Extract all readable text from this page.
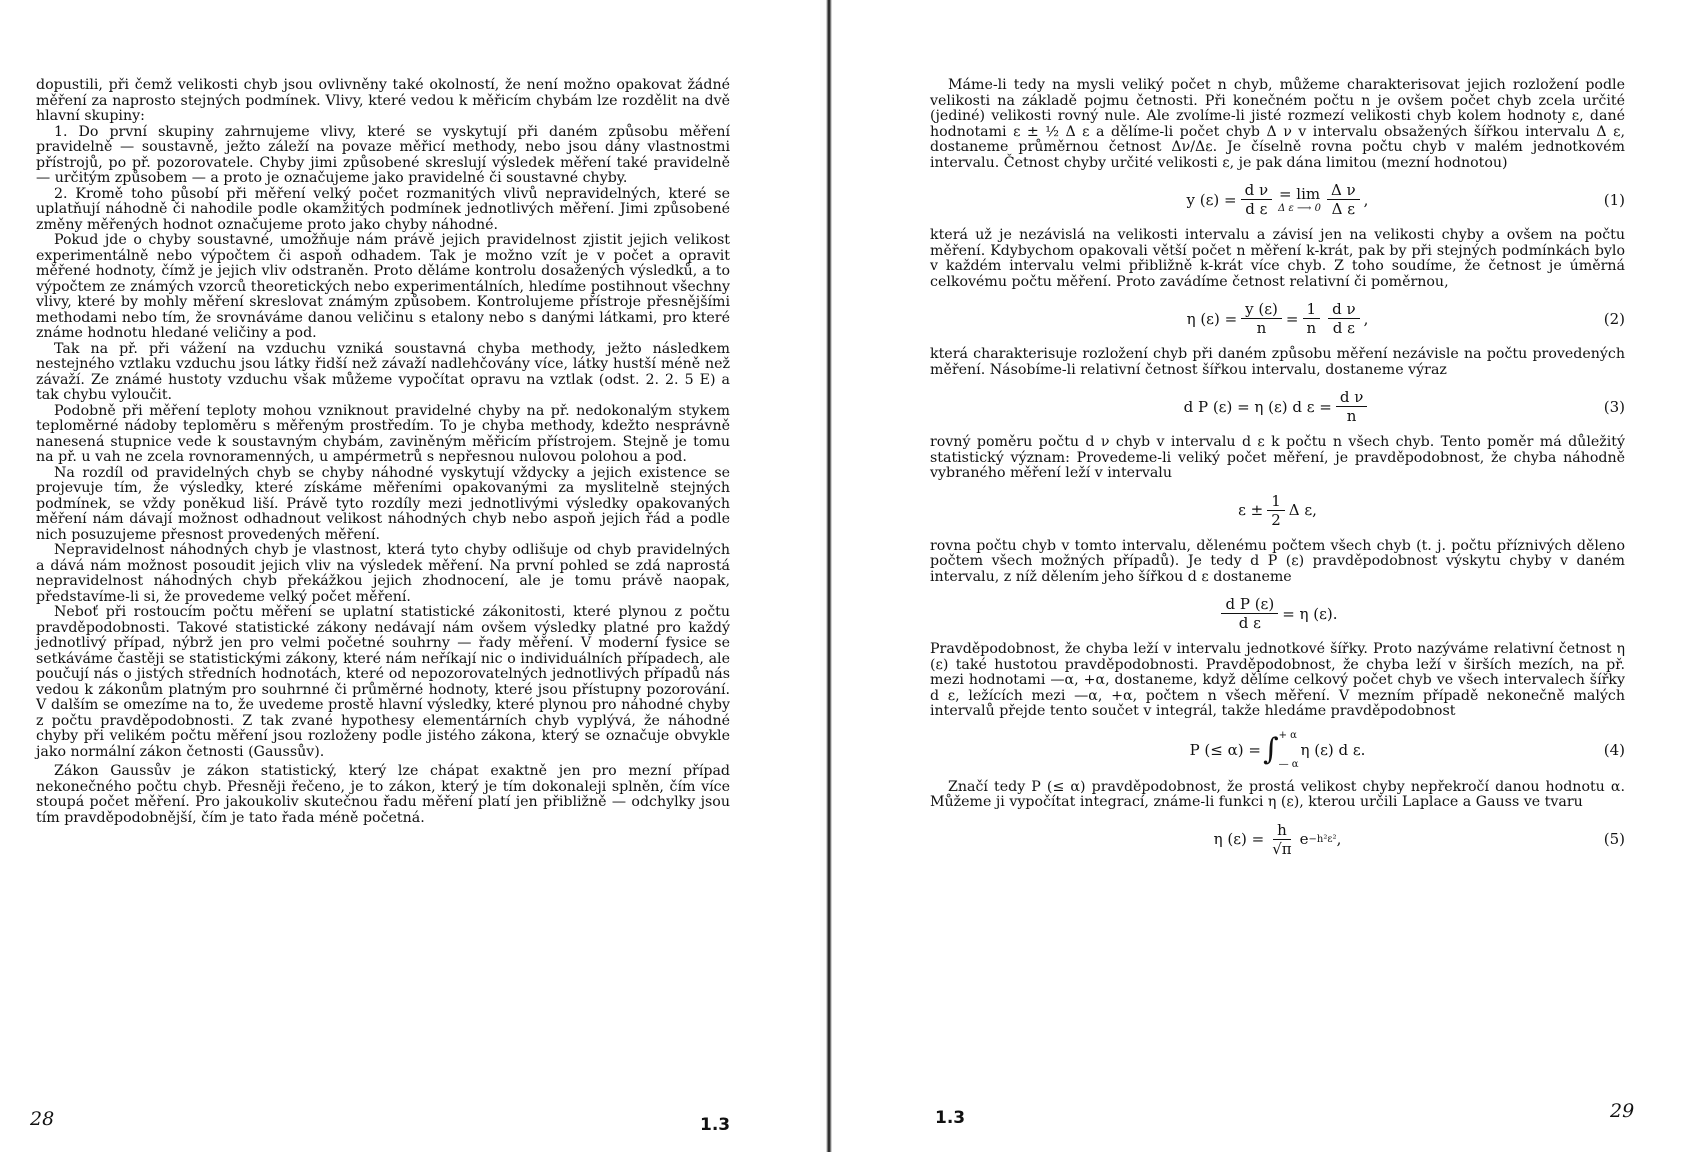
dopustili, při čemž velikosti chyb jsou ovlivněny také okolností, že není možno opakovat žádné měření za naprosto stejných podmínek. Vlivy, které vedou k měřicím chybám lze rozdělit na dvě hlavní skupiny:

1. Do první skupiny zahrnujeme vlivy, které se vyskytují při daném způsobu měření pravidelně — soustavně, ježto záleží na povaze měřicí methody, nebo jsou dány vlastnostmi přístrojů, po př. pozorovatele. Chyby jimi způsobené skreslují výsledek měření také pravidelně — určitým způsobem — a proto je označujeme jako pravidelné či soustavné chyby.

2. Kromě toho působí při měření velký počet rozmanitých vlivů nepravidelných, které se uplatňují náhodně či nahodile podle okamžitých podmínek jednotlivých měření. Jimi způsobené změny měřených hodnot označujeme proto jako chyby náhodné.

Pokud jde o chyby soustavné, umožňuje nám právě jejich pravidelnost zjistit jejich velikost experimentálně nebo výpočtem či aspoň odhadem. Tak je možno vzít je v počet a opravit měřené hodnoty, čímž je jejich vliv odstraněn. Proto děláme kontrolu dosažených výsledků, a to výpočtem ze známých vzorců theoretických nebo experimentálních, hledíme postihnout všechny vlivy, které by mohly měření skreslovat známým způsobem. Kontrolujeme přístroje přesnějšími methodami nebo tím, že srovnáváme danou veličinu s etalony nebo s danými látkami, pro které známe hodnotu hledané veličiny a pod.

Tak na př. při vážení na vzduchu vzniká soustavná chyba methody, ježto následkem nestejného vztlaku vzduchu jsou látky řidší než závaží nadlehčovány více, látky hustší méně než závaží. Ze známé hustoty vzduchu však můžeme vypočítat opravu na vztlak (odst. 2. 2. 5 E) a tak chybu vyloučit.

Podobně při měření teploty mohou vzniknout pravidelné chyby na př. nedokonalým stykem teploměrné nádoby teploměru s měřeným prostředím. To je chyba methody, kdežto nesprávně nanesená stupnice vede k soustavným chybám, zaviněným měřicím přístrojem. Stejně je tomu na př. u vah ne zcela rovnoramenných, u ampérmetrů s nepřesnou nulovou polohou a pod.

Na rozdíl od pravidelných chyb se chyby náhodné vyskytují vždycky a jejich existence se projevuje tím, že výsledky, které získáme měřeními opakovanými za myslitelně stejných podmínek, se vždy poněkud liší. Právě tyto rozdíly mezi jednotlivými výsledky opakovaných měření nám dávají možnost odhadnout velikost náhodných chyb nebo aspoň jejich řád a podle nich posuzujeme přesnost provedených měření.

Nepravidelnost náhodných chyb je vlastnost, která tyto chyby odlišuje od chyb pravidelných a dává nám možnost posoudit jejich vliv na výsledek měření. Na první pohled se zdá naprostá nepravidelnost náhodných chyb překážkou jejich zhodnocení, ale je tomu právě naopak, představíme-li si, že provedeme velký počet měření.

Neboť při rostoucím počtu měření se uplatní statistické zákonitosti, které plynou z počtu pravděpodobnosti. Takové statistické zákony nedávají nám ovšem výsledky platné pro každý jednotlivý případ, nýbrž jen pro velmi početné souhrny — řady měření. V moderní fysice se setkáváme častěji se statistickými zákony, které nám neříkají nic o individuálních případech, ale poučují nás o jistých středních hodnotách, které od nepozorovatelných jednotlivých případů nás vedou k zákonům platným pro souhrnné či průměrné hodnoty, které jsou přístupny pozorování. V dalším se omezíme na to, že uvedeme prostě hlavní výsledky, které plynou pro náhodné chyby z počtu pravděpodobnosti. Z tak zvané hypothesy elementárních chyb vyplývá, že náhodné chyby při velikém počtu měření jsou rozloženy podle jistého zákona, který se označuje obvykle jako normální zákon četnosti (Gaussův).

Zákon Gaussův je zákon statistický, který lze chápat exaktně jen pro mezní případ nekonečného počtu chyb. Přesněji řečeno, je to zákon, který je tím dokonaleji splněn, čím více stoupá počet měření. Pro jakoukoliv skutečnou řadu měření platí jen přibližně — odchylky jsou tím pravděpodobnější, čím je tato řada méně početná.

28	1.3

Máme-li tedy na mysli veliký počet n chyb, můžeme charakterisovat jejich rozložení podle velikosti na základě pojmu četnosti. Při konečném počtu n je ovšem počet chyb zcela určité (jediné) velikosti rovný nule. Ale zvolíme-li jisté rozmezí velikosti chyb kolem hodnoty ε, dané hodnotami ε ± ½ Δ ε a dělíme-li počet chyb Δ ν v intervalu obsažených šířkou intervalu Δ ε, dostaneme průměrnou četnost Δν/Δε. Je číselně rovna počtu chyb v malém jednotkovém intervalu. Četnost chyby určité velikosti ε, je pak dána limitou (mezní hodnotou)

y $(\varepsilon) = \frac{\text{d ν}}{\text{d ε}} = \lim$
Δ ε ⟶ $0 \frac{\text{Δ ν}}{\text{Δ ε}}$ ,	(1)

která už je nezávislá na velikosti intervalu a závisí jen na velikosti chyby a ovšem na počtu měření. Kdybychom opakovali větší počet n měření k-krát, pak by při stejných podmínkách bylo v každém intervalu velmi přibližně k-krát více chyb. Z toho soudíme, že četnost je úměrná celkovému počtu měření. Proto zavádíme četnost relativní či poměrnou,

η $(\varepsilon) = \frac{y (\varepsilon)}{n} = \frac{1}{n} \frac{\text{d ν}}{\text{d ε}}$ ,	(2)

která charakterisuje rozložení chyb při daném způsobu měření nezávisle na počtu provedených měření. Násobíme-li relativní četnost šířkou intervalu, dostaneme výraz

d P (ε) = η (ε) d $\varepsilon = \frac{\text{d ν}}{n}$	(3)

rovný poměru počtu d ν chyb v intervalu d ε k počtu n všech chyb. Tento poměr má důležitý statistický význam: Provedeme-li veliký počet měření, je pravděpodobnost, že chyba náhodně vybraného měření leží v intervalu

$\varepsilon \pm \frac{1}{2}$ Δ ε,

rovna počtu chyb v tomto intervalu, dělenému počtem všech chyb (t. j. počtu příznivých děleno počtem všech možných případů). Je tedy d P (ε) pravděpodobnost výskytu chyby v daném intervalu, z níž dělením jeho šířkou d ε dostaneme

$\frac{\text{d P (ε)}}{\text{d ε}} = \eta$ (ε).

Pravděpodobnost, že chyba leží v intervalu jednotkové šířky. Proto nazýváme relativní četnost η (ε) také hustotou pravděpodobnosti. Pravděpodobnost, že chyba leží v širších mezích, na př. mezi hodnotami —α, +α, dostaneme, když dělíme celkový počet chyb ve všech intervalech šířky d ε, ležících mezi —α, +α, počtem n všech měření. V mezním případě nekonečně malých intervalů přejde tento součet v integrál, takže hledáme pravděpodobnost

P (≤ α) = ∫ + α
— α
η (ε) d ε.	(4)

Značí tedy P (≤ α) pravděpodobnost, že prostá velikost chyby nepřekročí danou hodnotu α. Můžeme ji vypočítat integrací, známe-li funkci η (ε), kterou určili Laplace a Gauss ve tvaru

η $(\varepsilon) = \frac{h}{√\pi}$ e −h²ε² ,	(5)
1.3	29
